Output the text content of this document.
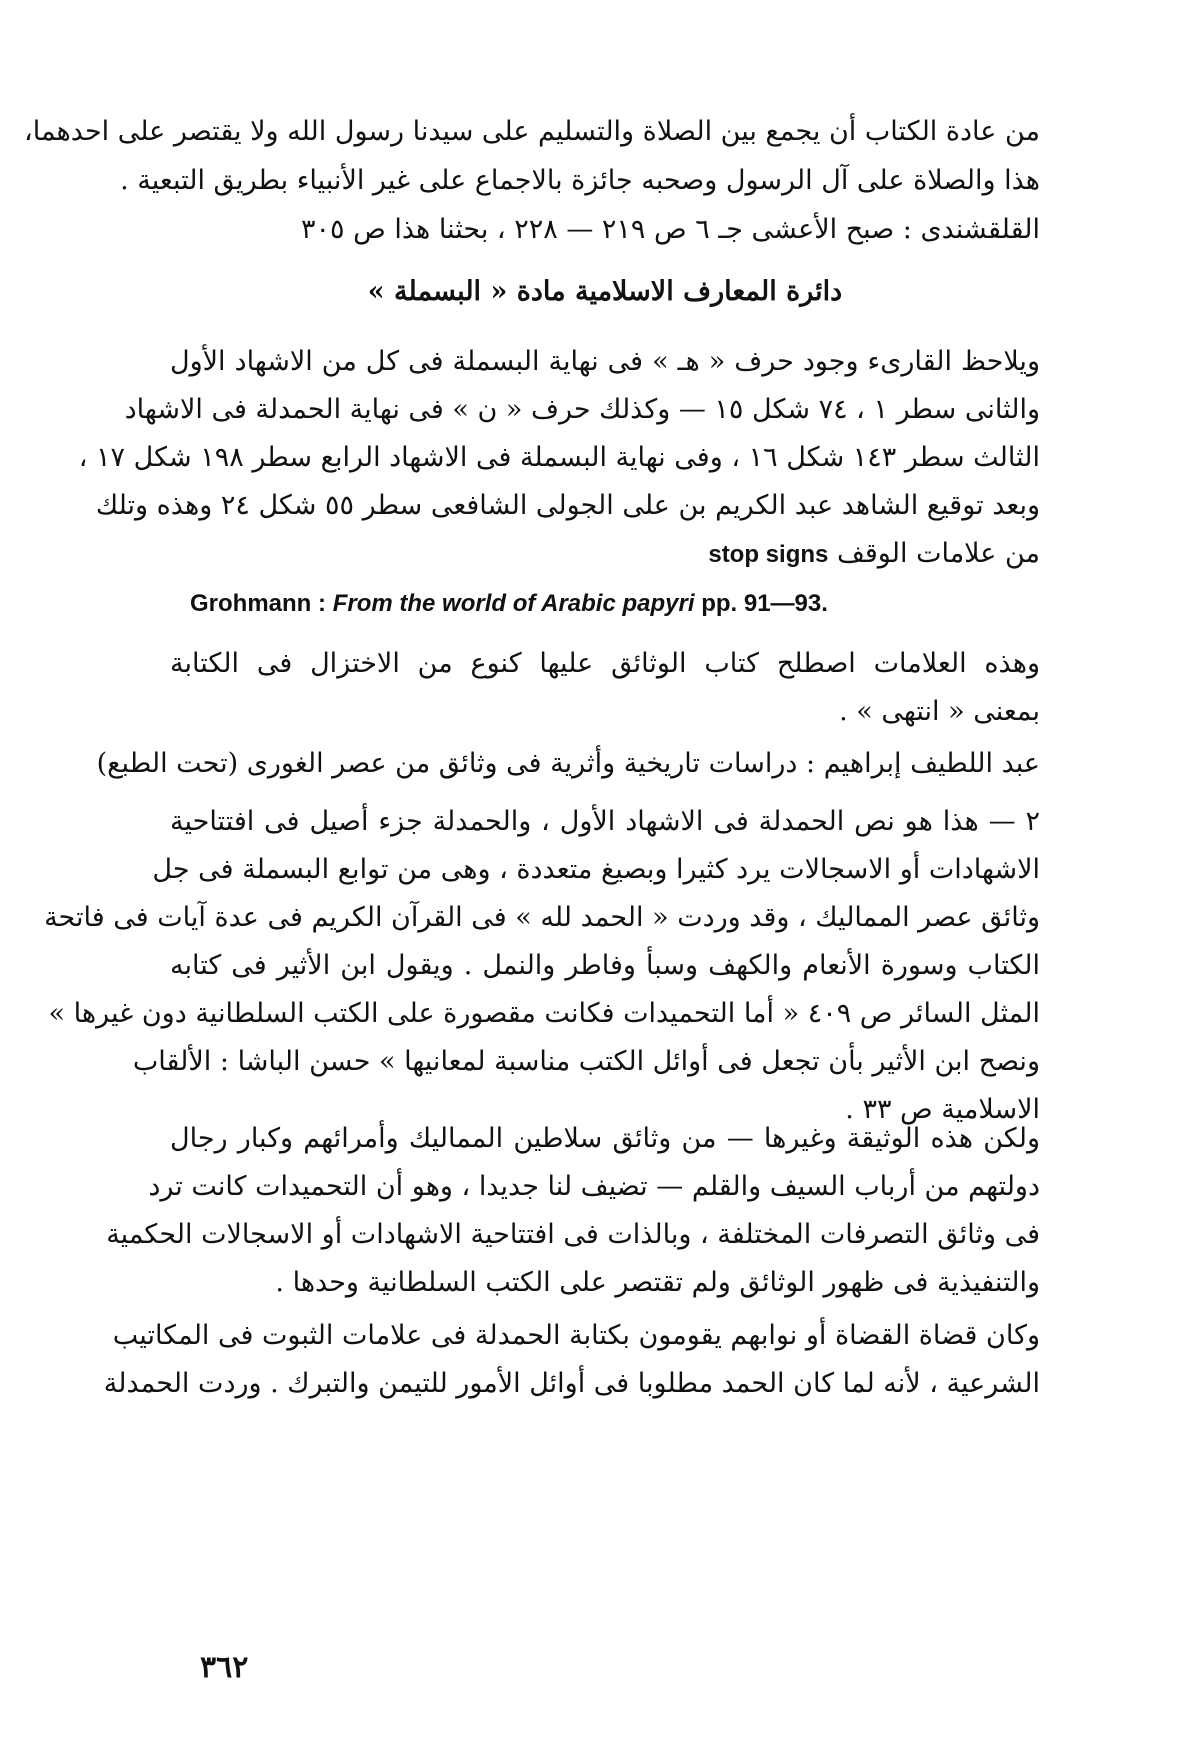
من عادة الكتاب أن يجمع بين الصلاة والتسليم على سيدنا رسول الله ولا يقتصر على احدهما،
هذا والصلاة على آل الرسول وصحبه جائزة بالاجماع على غير الأنبياء بطريق التبعية .
القلقشندى : صبح الأعشى جـ ٦ ص ٢١٩ — ٢٢٨ ، بحثنا هذا ص ٣٠٥
دائرة المعارف الاسلامية مادة « البسملة »
ويلاحظ القارىء وجود حرف « هـ » فى نهاية البسملة فى كل من الاشهاد الأول
والثانى سطر ١ ، ٧٤ شكل ١٥ — وكذلك حرف « ن » فى نهاية الحمدلة فى الاشهاد
الثالث سطر ١٤٣ شكل ١٦ ، وفى نهاية البسملة فى الاشهاد الرابع سطر ١٩٨ شكل ١٧ ،
وبعد توقيع الشاهد عبد الكريم بن على الجولى الشافعى سطر ٥٥ شكل ٢٤ وهذه وتلك
من علامات الوقف stop signs
Grohmann : From the world of Arabic papyri pp. 91—93.
وهذه العلامات اصطلح كتاب الوثائق عليها كنوع من الاختزال فى الكتابة
بمعنى « انتهى » .
عبد اللطيف إبراهيم : دراسات تاريخية وأثرية فى وثائق من عصر الغورى (تحت الطبع)
٢ — هذا هو نص الحمدلة فى الاشهاد الأول ، والحمدلة جزء أصيل فى افتتاحية
الاشهادات أو الاسجالات يرد كثيرا وبصيغ متعددة ، وهى من توابع البسملة فى جل
وثائق عصر المماليك ، وقد وردت « الحمد لله » فى القرآن الكريم فى عدة آيات فى فاتحة
الكتاب وسورة الأنعام والكهف وسبأ وفاطر والنمل . ويقول ابن الأثير فى كتابه
المثل السائر ص ٤٠٩ « أما التحميدات فكانت مقصورة على الكتب السلطانية دون غيرها »
ونصح ابن الأثير بأن تجعل فى أوائل الكتب مناسبة لمعانيها » حسن الباشا : الألقاب
الاسلامية ص ٣٣ .
ولكن هذه الوثيقة وغيرها — من وثائق سلاطين المماليك وأمرائهم وكبار رجال
دولتهم من أرباب السيف والقلم — تضيف لنا جديدا ، وهو أن التحميدات كانت ترد
فى وثائق التصرفات المختلفة ، وبالذات فى افتتاحية الاشهادات أو الاسجالات الحكمية
والتنفيذية فى ظهور الوثائق ولم تقتصر على الكتب السلطانية وحدها .
وكان قضاة القضاة أو نوابهم يقومون بكتابة الحمدلة فى علامات الثبوت فى المكاتيب
الشرعية ، لأنه لما كان الحمد مطلوبا فى أوائل الأمور للتيمن والتبرك . وردت الحمدلة
٣٦٢
